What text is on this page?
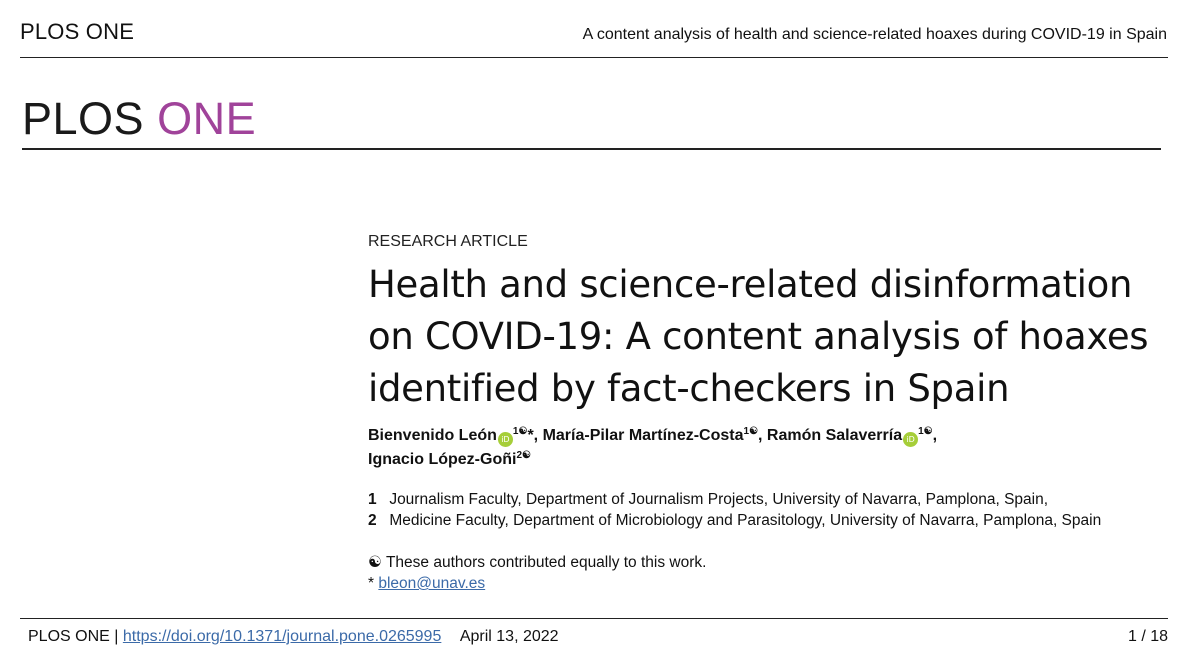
PLOS ONE	A content analysis of health and science-related hoaxes during COVID-19 in Spain
PLOS ONE
RESEARCH ARTICLE
Health and science-related disinformation on COVID-19: A content analysis of hoaxes identified by fact-checkers in Spain
Bienvenido León iD$^{1☯}$*, María-Pilar Martínez-Costa$^{1☯}$, Ramón Salaverría iD$^{1☯}$,
Ignacio López-Goñi$^{2☯}$
1 Journalism Faculty, Department of Journalism Projects, University of Navarra, Pamplona, Spain,
2 Medicine Faculty, Department of Microbiology and Parasitology, University of Navarra, Pamplona, Spain
☯ These authors contributed equally to this work.
* bleon@unav.es
PLOS ONE | https://doi.org/10.1371/journal.pone.0265995 April 13, 2022	1 / 18
